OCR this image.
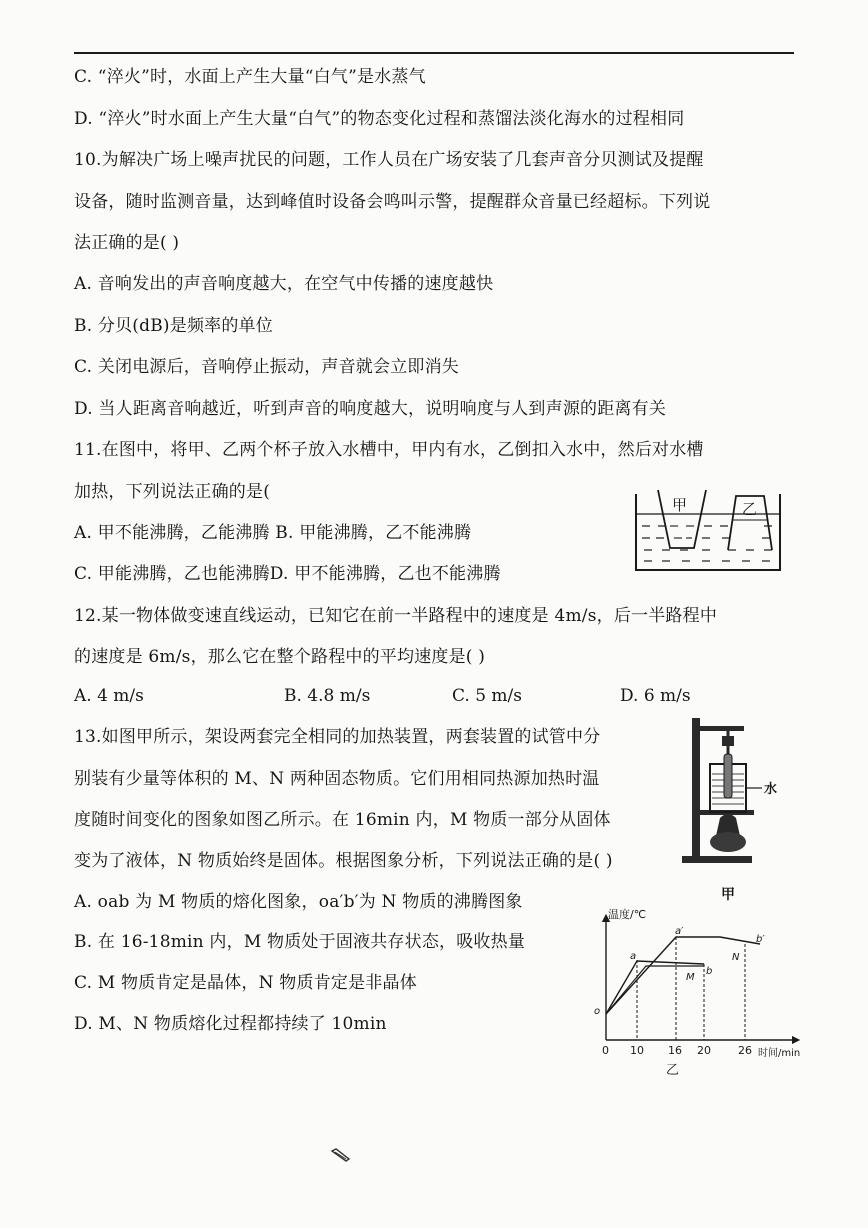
C. “淬火”时，水面上产生大量“白气”是水蒸气

D. “淬火”时水面上产生大量“白气”的物态变化过程和蒸馏法淡化海水的过程相同

10.为解决广场上噪声扰民的问题，工作人员在广场安装了几套声音分贝测试及提醒

设备，随时监测音量，达到峰值时设备会鸣叫示警，提醒群众音量已经超标。下列说

法正确的是( )

A. 音响发出的声音响度越大，在空气中传播的速度越快

B. 分贝(dB)是频率的单位

C. 关闭电源后，音响停止振动，声音就会立即消失

D. 当人距离音响越近，听到声音的响度越大，说明响度与人到声源的距离有关

11.在图中，将甲、乙两个杯子放入水槽中，甲内有水，乙倒扣入水中，然后对水槽

加热，下列说法正确的是(

A. 甲不能沸腾，乙能沸腾 B. 甲能沸腾，乙不能沸腾

C. 甲能沸腾，乙也能沸腾D. 甲不能沸腾，乙也不能沸腾

甲	乙

12.某一物体做变速直线运动，已知它在前一半路程中的速度是 4m/s，后一半路程中

的速度是 6m/s，那么它在整个路程中的平均速度是( )

A. 4 m/s	B. 4.8 m/s	C. 5 m/s	D. 6 m/s

13.如图甲所示，架设两套完全相同的加热装置，两套装置的试管中分

别装有少量等体积的 M、N 两种固态物质。它们用相同热源加热时温

度随时间变化的图象如图乙所示。在 16min 内，M 物质一部分从固体

变为了液体，N 物质始终是固体。根据图象分析，下列说法正确的是( )

A. oab 为 M 物质的熔化图象，oa′b′为 N 物质的沸腾图象

B. 在 16-18min 内，M 物质处于固液共存状态，吸收热量

C. M 物质肯定是晶体，N 物质肯定是非晶体

D. M、N 物质熔化过程都持续了 10min

水
甲
温度/℃
时间/min
o
0 10 16 20 26
a
a′
b
b′
M
N
乙
